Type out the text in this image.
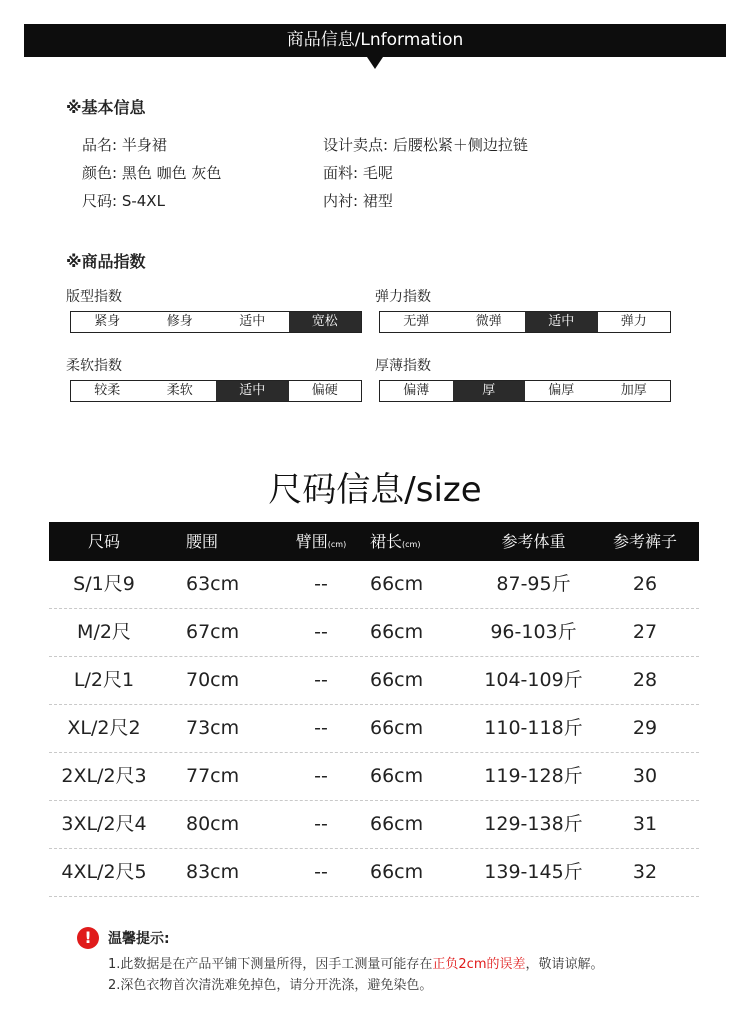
商品信息/Lnformation
※基本信息
品名: 半身裙
颜色: 黑色 咖色 灰色
尺码: S-4XL
设计卖点: 后腰松紧＋侧边拉链
面料: 毛呢
内衬: 裙型
※商品指数
版型指数
紧身	修身	适中	宽松
弹力指数
无弹	微弹	适中	弹力
柔软指数
较柔	柔软	适中	偏硬
厚薄指数
偏薄	厚	偏厚	加厚
尺码信息/size
尺码	腰围	臂围(cm)	裙长(cm)	参考体重	参考裤子
S/1尺9	63cm	--	66cm	87-95斤	26
M/2尺	67cm	--	66cm	96-103斤	27
L/2尺1	70cm	--	66cm	104-109斤	28
XL/2尺2	73cm	--	66cm	110-118斤	29
2XL/2尺3	77cm	--	66cm	119-128斤	30
3XL/2尺4	80cm	--	66cm	129-138斤	31
4XL/2尺5	83cm	--	66cm	139-145斤	32
!	温馨提示:
1.此数据是在产品平铺下测量所得，因手工测量可能存在正负2cm的误差，敬请谅解。
2.深色衣物首次清洗难免掉色，请分开洗涤，避免染色。
